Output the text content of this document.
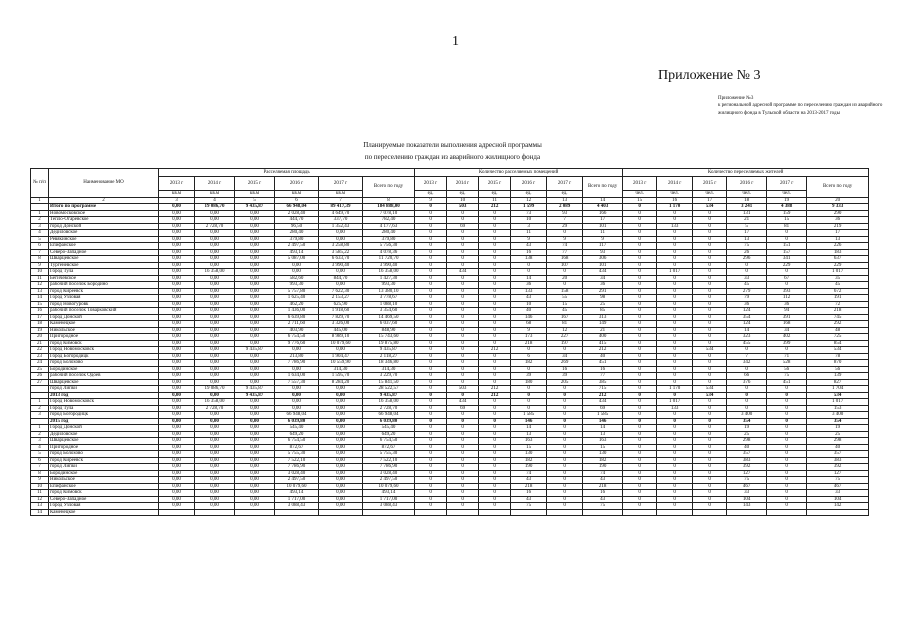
1
Приложение № 3
Приложение №3
к региональной адресной программе по переселению граждан из аварийного
жилищного фонда в Тульской области на 2013-2017 годы
Планируемые показатели выполнения адресной программы
по переселению граждан из аварийного жилищного фонда
№ п/п	Наименование МО	Расселяемая площадь						Количество расселяемых помещений						Количество переселяемых жителей					
		2013 г	2014 г	2015 г	2016 г	2017 г	Всего по году	2013 г	2014 г	2015 г	2016 г	2017 г	Всего по году	2013 г	2014 г	2015 г	2016 г	2017 г	Всего по году
		кв.м	кв.м	кв.м	кв.м	кв.м		ед.	ед.	ед.	ед.	ед.		чел.	чел.	чел.	чел.	чел.	
1	2	3	4	5	6	7	8	9	10	11	12	13	14	15	16	17	18	19	20
	Итого по программе	0,00	19 086,70	9 435,87	66 948,04	89 417,39	184 888,00	0	503	212	1 599	2 089	4 403	0	1 170	534	3 241	4 388	9 333
1	Новомосковское	0,00	0,00	0,00	2 028,40	4 649,70	7 078,10	0	0	0	73	93	166	0	0	0	131	159	290
2	Тепло-Огаревское	0,00	0,00	0,00	444,70	337,70	782,40	0	0	0	10	7	17	0	0	0	21	15	36
3	город Донской	0,00	2 728,70	0,00	96,50	1 352,43	4 177,63	0	69	0	3	29	101	0	133	0	5	81	219
4	Дедиловское	0,00	0,00	0,00	280,40	0,00	280,40	0	0	0	11	0	11	0	0	0	17	0	17
5	Ревякинское	0,00	0,00	0,00	379,80	0,00	379,80	0	0	0	9	9	9	0	0	0	13	0	13
6	Епифанское	0,00	0,00	0,00	2 497,50	3 258,80	5 756,30	0	0	0	43	74	117	0	0	0	75	151	226
7	Северо-Западное	0,00	0,00	0,00	493,14	3 585,22	4 078,36	0	0	0	16	77	93	0	0	0	26	157	183
8	Шварцевское	0,00	0,00	0,00	5 087,00	6 633,70	11 720,70	0	0	0	138	168	306	0	0	0	296	341	637
9	Тургеневское	0,00	0,00	0,00	0,00	3 990,40	3 990,40	0	0	0	0	107	101	0	0	0	0	229	229
10	Город Тула	0,00	16 358,00	0,00	0,00	0,00	16 358,00	0	434	0	0	0	434	0	1 017	0	0	0	1 017
11	Бегичевское	0,00	0,00	0,00	582,60	844,70	1 427,30	0	0	0	14	20	34	0	0	0	33	67	35
12	рабочий поселок Бородино	0,00	0,00	0,00	993,30	0,00	993,30	0	0	0	36	0	36	0	0	0	45	0	45
13	город Киреевск	0,00	0,00	0,00	5 757,80	7 622,30	13 380,10	0	0	0	133	158	291	0	0	0	279	393	672
14	Город Узловая	0,00	0,00	0,00	1 625,40	2 153,27	3 778,67	0	0	0	43	55	98	0	0	0	79	112	191
15	город Новогуровк	0,00	0,00	0,00	462,20	625,90	1 088,10	0	0	0	10	15	25	0	0	0	36	36	72
16	рабочий поселок Товарковский	0,00	0,00	0,00	1 436,00	1 918,60	3 354,60	0	0	0	40	45	85	0	0	0	124	94	218
17	Город Донской	0,00	0,00	0,00	6 639,80	7 829,70	14 469,50	0	0	0	146	167	313	0	0	0	354	391	745
18	Каменецкое	0,00	0,00	0,00	2 711,60	3 326,00	6 037,60	0	0	0	68	81	149	0	0	0	124	168	292
19	Никольское	0,00	0,00	0,00	403,90	445,00	848,90	0	0	0	9	12	21	0	0	0	14	34	48
20	Пригородное	0,00	0,00	0,00	6 754,50	8 989,10	15 743,60	0	0	0	173	227	400	0	0	0	323	402	725
21	город Кимовск	0,00	0,00	0,00	9 776,60	10 079,60	19 875,80	0	0	0	218	197	415	0	0	0	455	399	854
22	Город Новомосковск	0,00	0,00	9 435,87	0,00	0,00	9 435,87	0	0	212	0	0	212	0	0	534	0	0	534
23	Город Богородицк	0,00	0,00	0,00	213,80	1 904,47	2 118,27	0	0	0	6	34	40	0	0	0	7	71	78
24	город Болохово	0,00	0,00	0,00	7 786,90	10 559,90	18 346,80	0	0	0	182	269	451	0	0	0	342	528	870
25	Бородинское	0,00	0,00	0,00	0,00	314,30	314,30	0	0	0	0	16	16	0	0	0	0	56	56
26	рабочий поселок Одоев	0,00	0,00	0,00	1 634,00	1 595,70	3 229,70	0	0	0	39	39	77	0	0	0	66	75	139
27	Шварцевское	0,00	0,00	0,00	7 557,30	8 284,20	15 841,50	0	0	0	180	205	385	0	0	0	376	451	827
	город Липки	0,00	19 086,70	9 435,87	0,00	0,00	28 522,57	0	503	212	0	0	715	0	1 170	534	0	0	1 704
	2013 год	0,00	0,00	9 435,87	0,00	0,00	9 435,87	0	0	212	0	0	212	0	0	534	0	0	534
1	Город Новомосковск	0,00	16 358,00	0,00	0,00	0,00	16 358,00	0	434	0	0	0	434	0	1 017	0	0	0	1 017
2	Город Тула	0,00	2 728,70	0,00	0,00	0,00	2 728,70	0	69	0	0	0	69	0	133	0	0	0	153
3	город Богородицк	0,00	0,00	0,00	66 948,04	0,00	66 948,04	0	0	0	1 585	0	1 585	0	0	0	3 400	0	3 400
	2015 год	0,00	0,00	0,00	6 039,80	0,00	6 039,80	0	0	0	146	0	146	0	0	0	354	0	354
1	Город Донской	0,00	0,00	0,00	545,40	0,00	545,40	0	0	0	14	0	14	0	0	0	19	0	19
2	Дедиловское	0,00	0,00	0,00	649,20	0,00	649,20	0	0	0	13	0	13	0	0	0	25	0	25
3	Шварцевское	0,00	0,00	0,00	6 754,50	0,00	6 754,50	0	0	0	163	0	163	0	0	0	298	0	298
4	Пригородное	0,00	0,00	0,00	872,67	0,00	872,67	0	0	0	15	0	15	0	0	0	40	0	40
5	город Болохово	0,00	0,00	0,00	5 755,30	0,00	5 755,30	0	0	0	130	0	130	0	0	0	357	0	357
6	город Киреевск	0,00	0,00	0,00	7 522,10	0,00	7 522,10	0	0	0	182	0	182	0	0	0	383	0	383
7	город Липки	0,00	0,00	0,00	7 786,90	0,00	7 786,90	0	0	0	190	0	190	0	0	0	392	0	392
8	Бородинское	0,00	0,00	0,00	3 028,40	0,00	3 028,40	0	0	0	74	0	74	0	0	0	127	0	127
9	Никольское	0,00	0,00	0,00	2 497,50	0,00	2 497,50	0	0	0	43	0	43	0	0	0	75	0	75
10	Епифанское	0,00	0,00	0,00	10 079,60	0,00	10 079,60	0	0	0	218	0	218	0	0	0	467	0	467
11	город Кимовск	0,00	0,00	0,00	493,14	0,00	493,14	0	0	0	16	0	16	0	0	0	33	0	33
12	Северо-Западное	0,00	0,00	0,00	1 717,00	0,00	1 717,00	0	0	0	43	0	43	0	0	0	104	0	104
13	Город Узловая	0,00	0,00	0,00	3 088,43	0,00	3 088,43	0	0	0	75	0	75	0	0	0	143	0	142
14	Каменецкое																		
